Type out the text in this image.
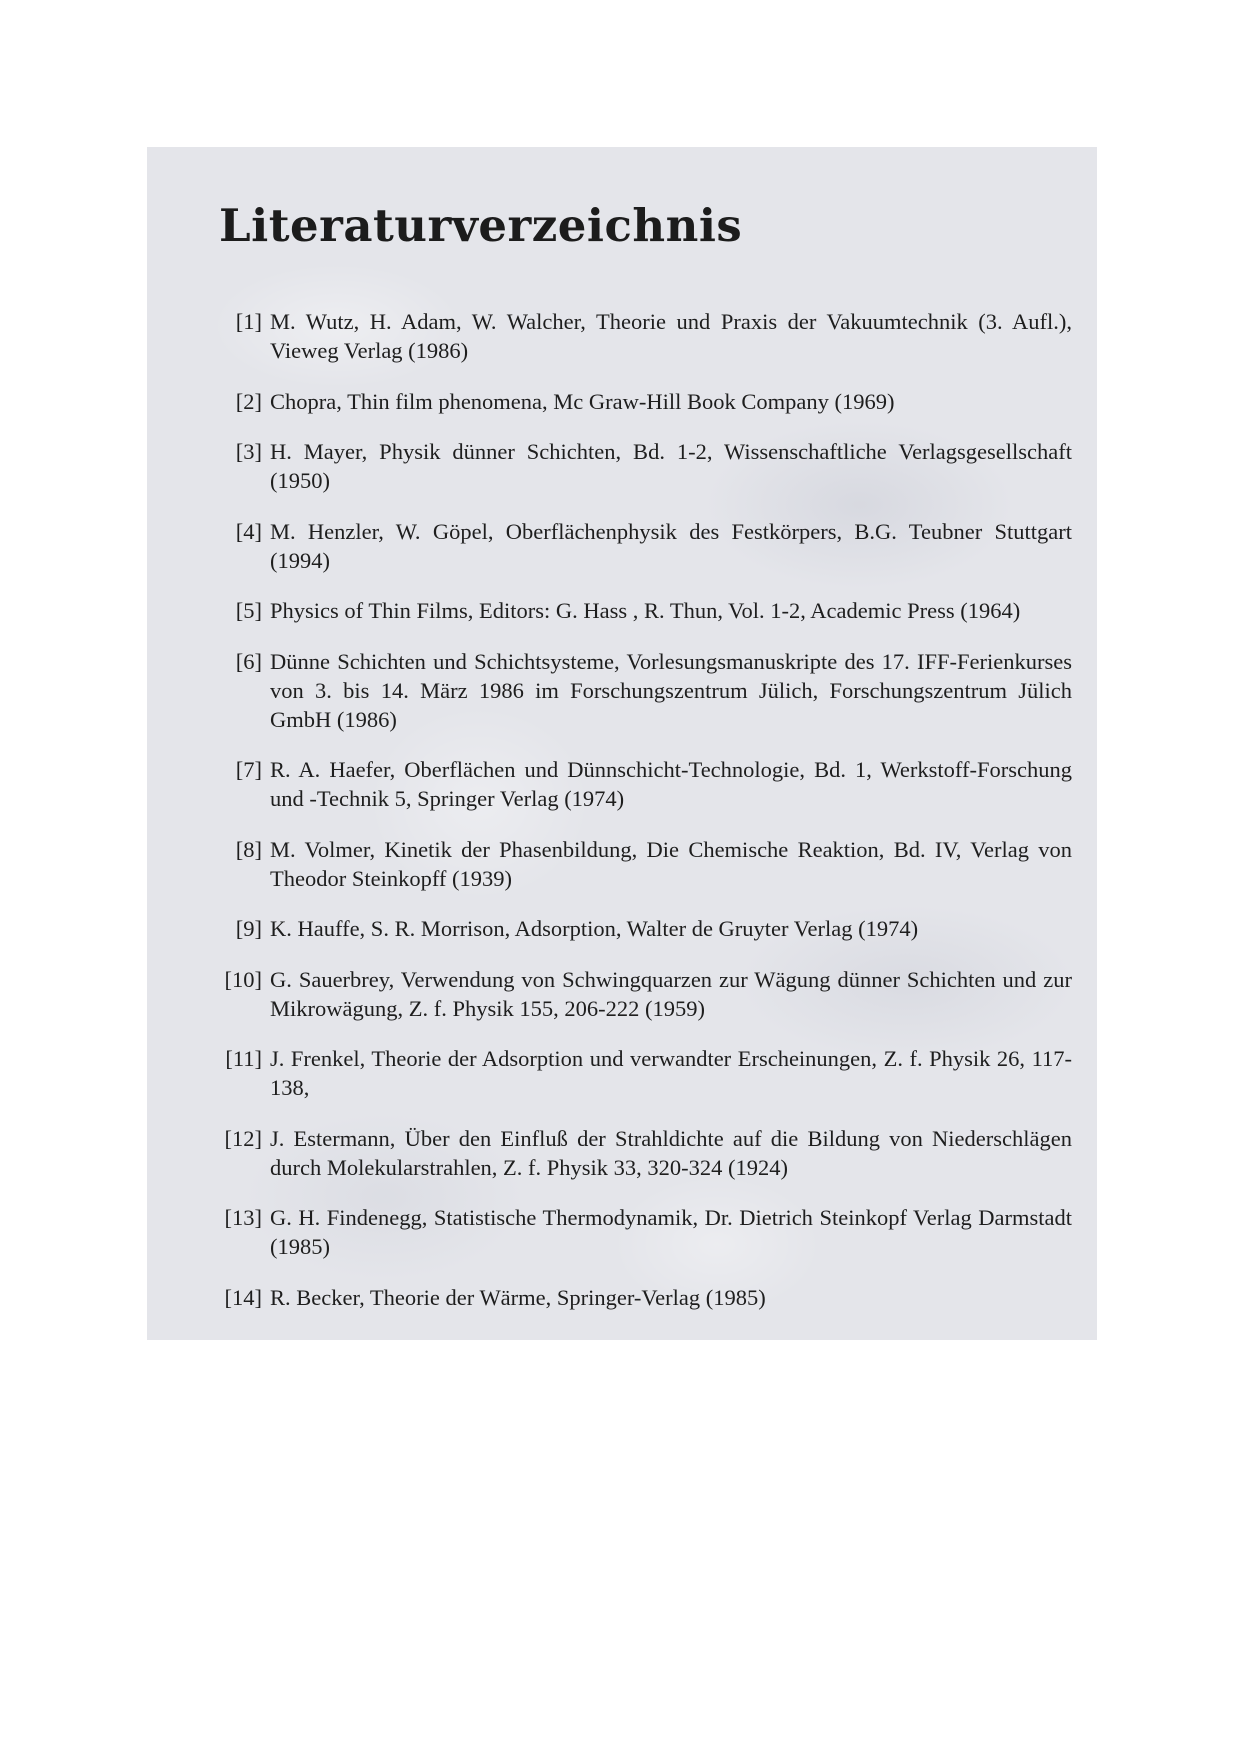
Literaturverzeichnis
[1] M. Wutz, H. Adam, W. Walcher, Theorie und Praxis der Vakuumtechnik (3. Aufl.), Vieweg Verlag (1986)
[2] Chopra, Thin film phenomena, Mc Graw-Hill Book Company (1969)
[3] H. Mayer, Physik dünner Schichten, Bd. 1-2, Wissenschaftliche Verlagsgesellschaft (1950)
[4] M. Henzler, W. Göpel, Oberflächenphysik des Festkörpers, B.G. Teubner Stuttgart (1994)
[5] Physics of Thin Films, Editors: G. Hass , R. Thun, Vol. 1-2, Academic Press (1964)
[6] Dünne Schichten und Schichtsysteme, Vorlesungsmanuskripte des 17. IFF-Ferienkurses von 3. bis 14. März 1986 im Forschungszentrum Jülich, Forschungszentrum Jülich GmbH (1986)
[7] R. A. Haefer, Oberflächen und Dünnschicht-Technologie, Bd. 1, Werkstoff-Forschung und -Technik 5, Springer Verlag (1974)
[8] M. Volmer, Kinetik der Phasenbildung, Die Chemische Reaktion, Bd. IV, Verlag von Theodor Steinkopff (1939)
[9] K. Hauffe, S. R. Morrison, Adsorption, Walter de Gruyter Verlag (1974)
[10] G. Sauerbrey, Verwendung von Schwingquarzen zur Wägung dünner Schichten und zur Mikrowägung, Z. f. Physik 155, 206-222 (1959)
[11] J. Frenkel, Theorie der Adsorption und verwandter Erscheinungen, Z. f. Physik 26, 117-138,
[12] J. Estermann, Über den Einfluß der Strahldichte auf die Bildung von Niederschlägen durch Molekularstrahlen, Z. f. Physik 33, 320-324 (1924)
[13] G. H. Findenegg, Statistische Thermodynamik, Dr. Dietrich Steinkopf Verlag Darmstadt (1985)
[14] R. Becker, Theorie der Wärme, Springer-Verlag (1985)
